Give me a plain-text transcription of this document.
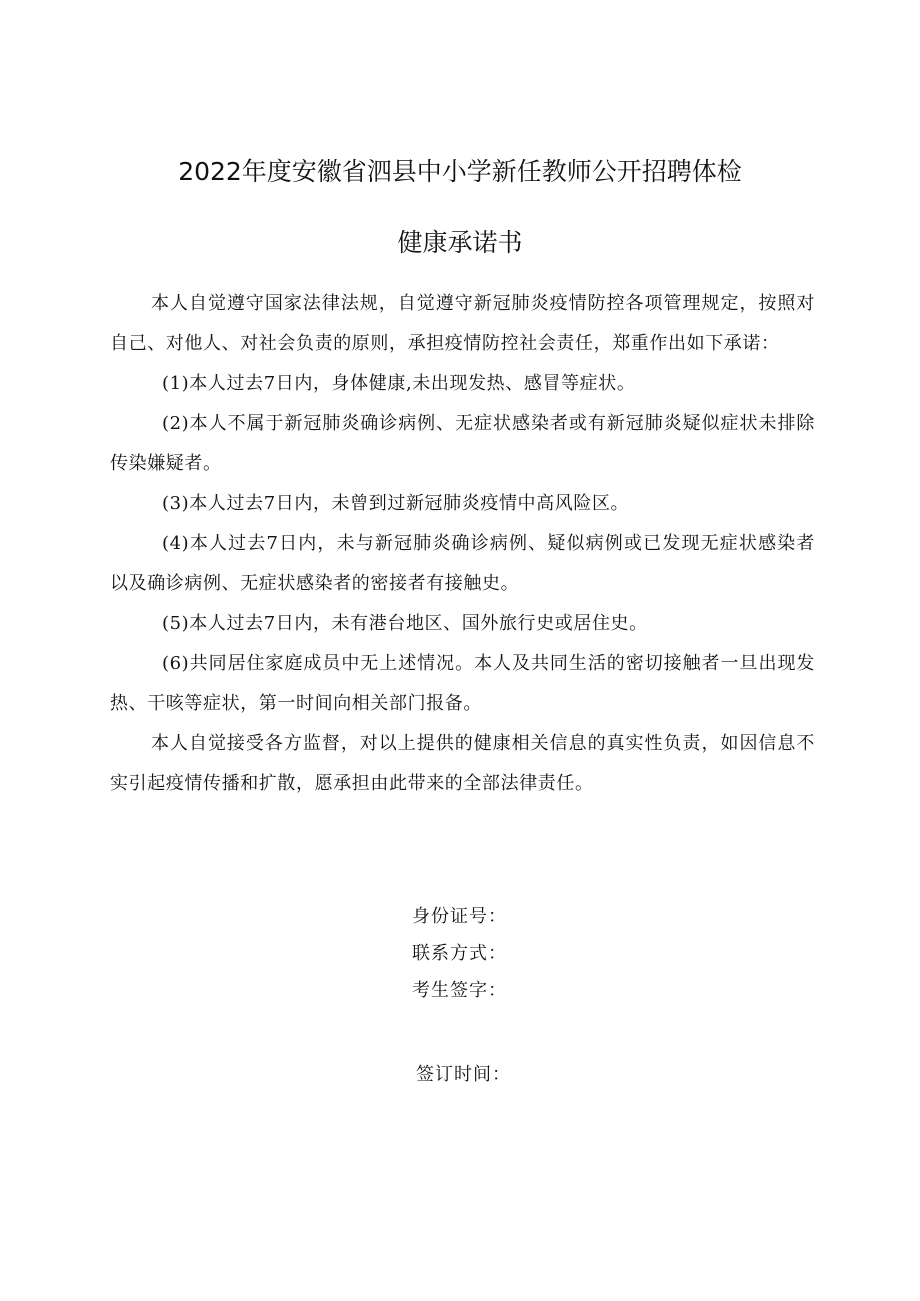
2022年度安徽省泗县中小学新任教师公开招聘体检
健康承诺书

本人自觉遵守国家法律法规，自觉遵守新冠肺炎疫情防控各项管理规定，按照对自己、对他人、对社会负责的原则，承担疫情防控社会责任，郑重作出如下承诺：

(1)本人过去7日内，身体健康,未出现发热、感冒等症状。

(2)本人不属于新冠肺炎确诊病例、无症状感染者或有新冠肺炎疑似症状未排除传染嫌疑者。

(3)本人过去7日内，未曾到过新冠肺炎疫情中高风险区。

(4)本人过去7日内，未与新冠肺炎确诊病例、疑似病例或已发现无症状感染者以及确诊病例、无症状感染者的密接者有接触史。

(5)本人过去7日内，未有港台地区、国外旅行史或居住史。

(6)共同居住家庭成员中无上述情况。本人及共同生活的密切接触者一旦出现发热、干咳等症状，第一时间向相关部门报备。

本人自觉接受各方监督，对以上提供的健康相关信息的真实性负责，如因信息不实引起疫情传播和扩散，愿承担由此带来的全部法律责任。

身份证号：

联系方式：

考生签字：

签订时间：
